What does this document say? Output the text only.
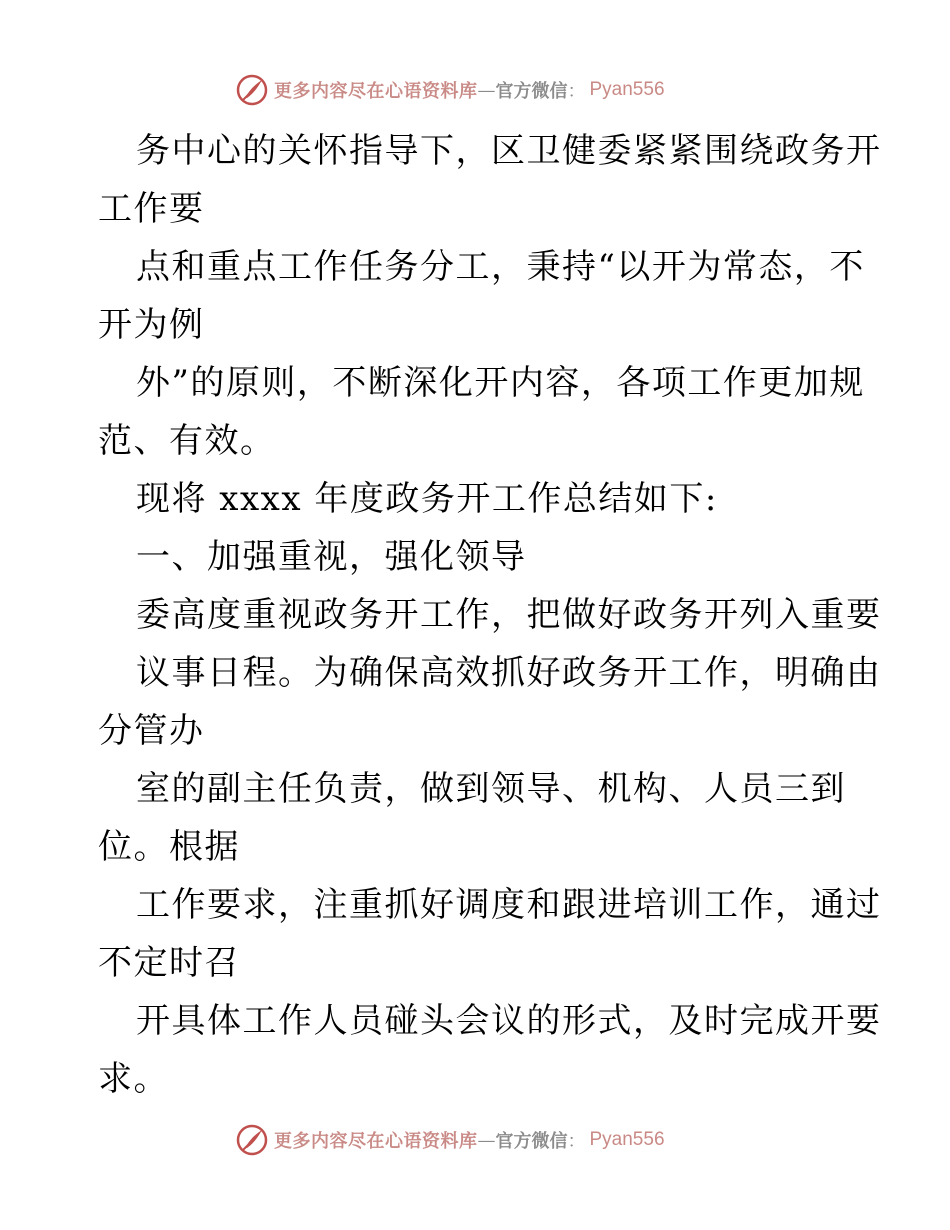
更多内容尽在心语资料库 — 官方微信 ： Pyan556
务中心的关怀指导下，区卫健委紧紧围绕政务开
工作要
点和重点工作任务分工，秉持“以开为常态，不
开为例
外”的原则，不断深化开内容，各项工作更加规
范、有效。
现将 xxxx 年度政务开工作总结如下:
一、加强重视，强化领导
委高度重视政务开工作，把做好政务开列入重要
议事日程。为确保高效抓好政务开工作，明确由
分管办
室的副主任负责，做到领导、机构、人员三到
位。根据
工作要求，注重抓好调度和跟进培训工作，通过
不定时召
开具体工作人员碰头会议的形式，及时完成开要
求。
更多内容尽在心语资料库 — 官方微信 ： Pyan556
